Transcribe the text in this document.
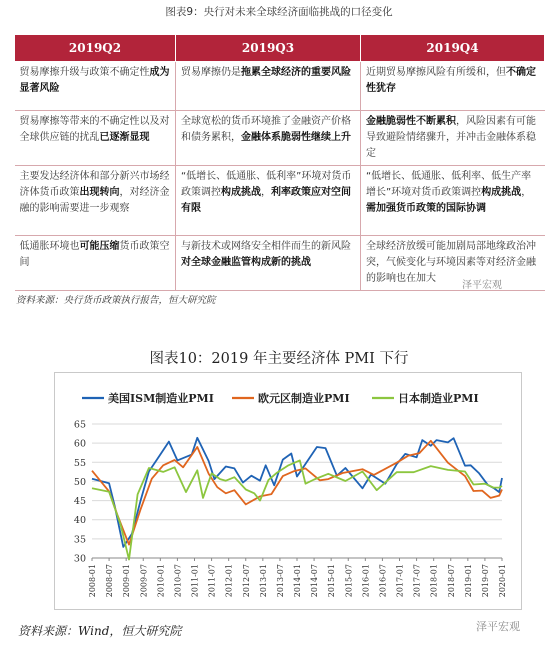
图表9：央行对未来全球经济面临挑战的口径变化
2019Q2	2019Q3	2019Q4
贸易摩擦升级与政策不确定性成为显著风险	贸易摩擦仍是拖累全球经济的重要风险	近期贸易摩擦风险有所缓和，但不确定性犹存
贸易摩擦等带来的不确定性以及对全球供应链的扰乱已逐渐显现	全球宽松的货币环境推了金融资产价格和债务累积，金融体系脆弱性继续上升	金融脆弱性不断累积，风险因素有可能导致避险情绪骤升，并冲击金融体系稳定
主要发达经济体和部分新兴市场经济体货币政策出现转向，对经济金融的影响需要进一步观察	“低增长、低通胀、低利率”环境对货币政策调控构成挑战，利率政策应对空间有限	“低增长、低通胀、低利率、低生产率增长”环境对货币政策调控构成挑战，需加强货币政策的国际协调
低通胀环境也可能压缩货币政策空间	与新技术或网络安全相伴而生的新风险对全球金融监管构成新的挑战	全球经济放缓可能加剧局部地缘政治冲突，气候变化与环境因素等对经济金融的影响也在加大
资料来源：央行货币政策执行报告，恒大研究院
泽平宏观
图表10：2019 年主要经济体 PMI 下行
美国ISM制造业PMI	欧元区制造业PMI	日本制造业PMI
30
35
40
45
50
55
60
65
2008-01 2008-07 2009-01 2009-07 2010-01 2010-07 2011-01 2011-07 2012-01 2012-07 2013-01 2013-07 2014-01 2014-07 2015-01 2015-07 2016-01 2016-07 2017-01 2017-07 2018-01 2018-07 2019-01 2019-07 2020-01
资料来源：Wind，恒大研究院	泽平宏观
